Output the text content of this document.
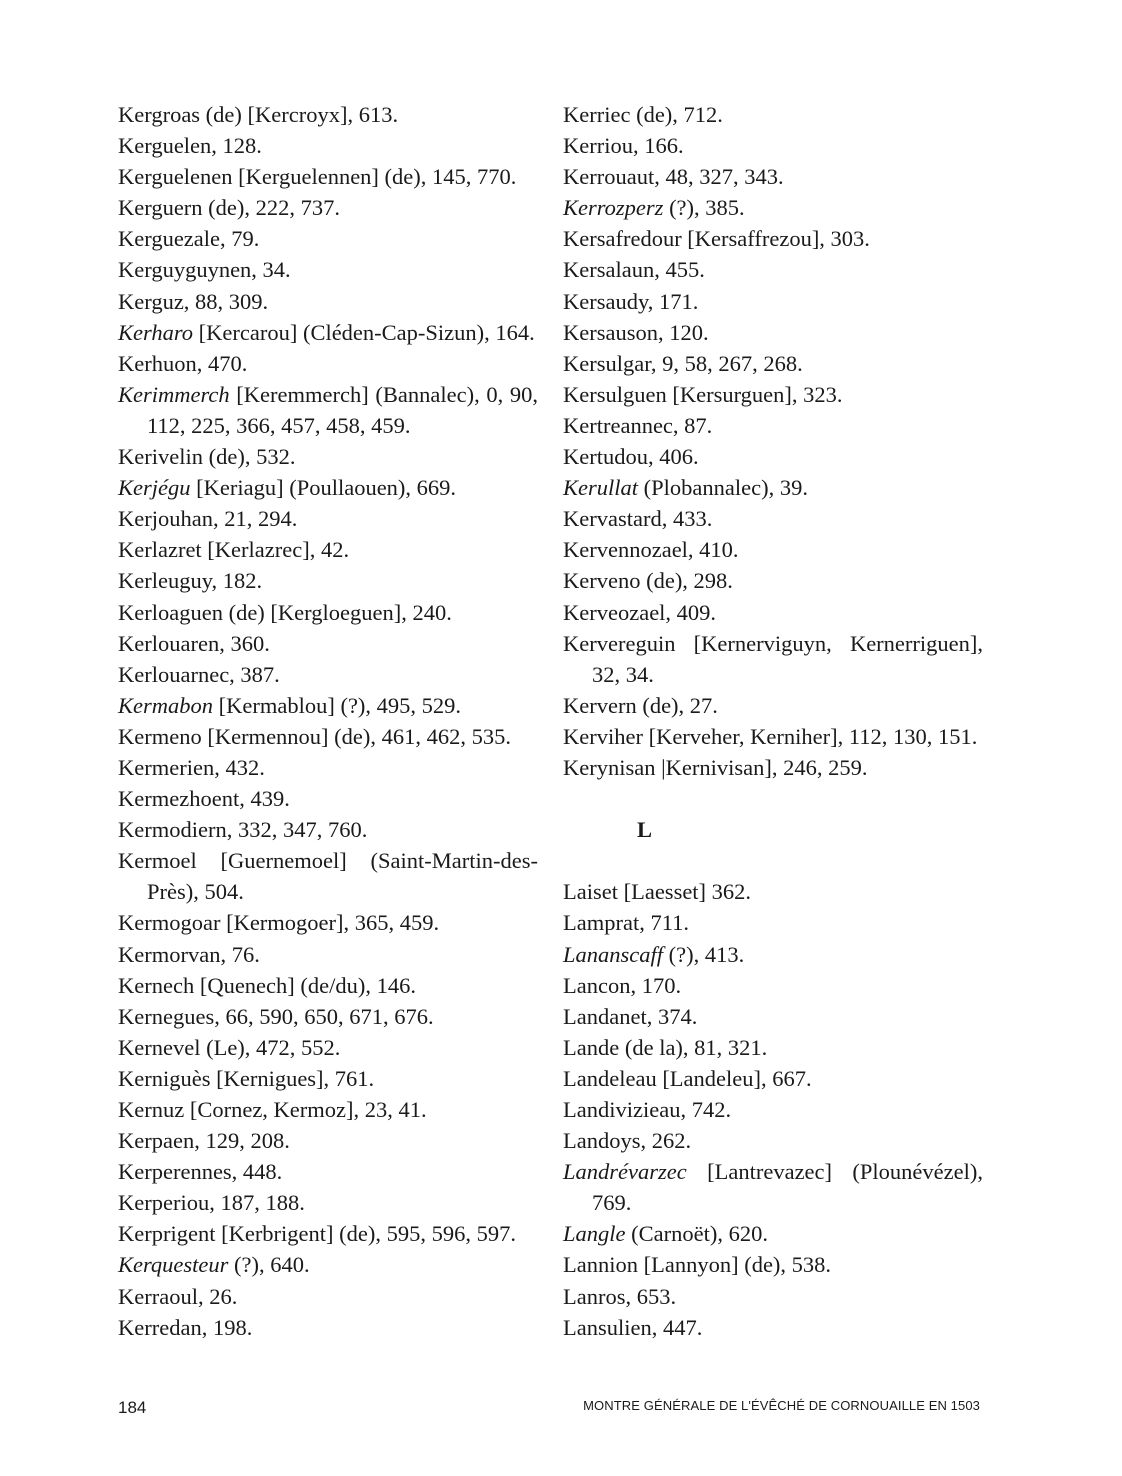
Kergroas (de) [Kercroyx], 613.
Kerguelen, 128.
Kerguelenen [Kerguelennen] (de), 145, 770.
Kerguern (de), 222, 737.
Kerguezale, 79.
Kerguyguynen, 34.
Kerguz, 88, 309.
Kerharo [Kercarou] (Cléden-Cap-Sizun), 164.
Kerhuon, 470.
Kerimmerch [Keremmerch] (Bannalec), 0, 90, 112, 225, 366, 457, 458, 459.
Kerivelin (de), 532.
Kerjégu [Keriagu] (Poullaouen), 669.
Kerjouhan, 21, 294.
Kerlazret [Kerlazrec], 42.
Kerleuguy, 182.
Kerloaguen (de) [Kergloeguen], 240.
Kerlouaren, 360.
Kerlouarnec, 387.
Kermabon [Kermablou] (?), 495, 529.
Kermeno [Kermennou] (de), 461, 462, 535.
Kermerien, 432.
Kermezhoent, 439.
Kermodiern, 332, 347, 760.
Kermoel [Guernemoel] (Saint-Martin-des-Près), 504.
Kermogoar [Kermogoer], 365, 459.
Kermorvan, 76.
Kernech [Quenech] (de/du), 146.
Kernegues, 66, 590, 650, 671, 676.
Kernevel (Le), 472, 552.
Kerniguès [Kernigues], 761.
Kernuz [Cornez, Kermoz], 23, 41.
Kerpaen, 129, 208.
Kerperennes, 448.
Kerperiou, 187, 188.
Kerprigent [Kerbrigent] (de), 595, 596, 597.
Kerquesteur (?), 640.
Kerraoul, 26.
Kerredan, 198.
Kerriec (de), 712.
Kerriou, 166.
Kerrouaut, 48, 327, 343.
Kerrozperz (?), 385.
Kersafredour [Kersaffrezou], 303.
Kersalaun, 455.
Kersaudy, 171.
Kersauson, 120.
Kersulgar, 9, 58, 267, 268.
Kersulguen [Kersurguen], 323.
Kertreannec, 87.
Kertudou, 406.
Kerullat (Plobannalec), 39.
Kervastard, 433.
Kervennozael, 410.
Kerveno (de), 298.
Kerveozael, 409.
Kervereguin [Kernerviguyn, Kernerriguen], 32, 34.
Kervern (de), 27.
Kerviher [Kerveher, Kerniher], 112, 130, 151.
Kerynisan |Kernivisan], 246, 259.
L
Laiset [Laesset] 362.
Lamprat, 711.
Lananscaff (?), 413.
Lancon, 170.
Landanet, 374.
Lande (de la), 81, 321.
Landeleau [Landeleu], 667.
Landivizieau, 742.
Landoys, 262.
Landrévarzec [Lantrevazec] (Plounévézel), 769.
Langle (Carnoët), 620.
Lannion [Lannyon] (de), 538.
Lanros, 653.
Lansulien, 447.
184	MONTRE GÉNÉRALE DE L'ÉVÊCHÉ DE CORNOUAILLE EN 1503
